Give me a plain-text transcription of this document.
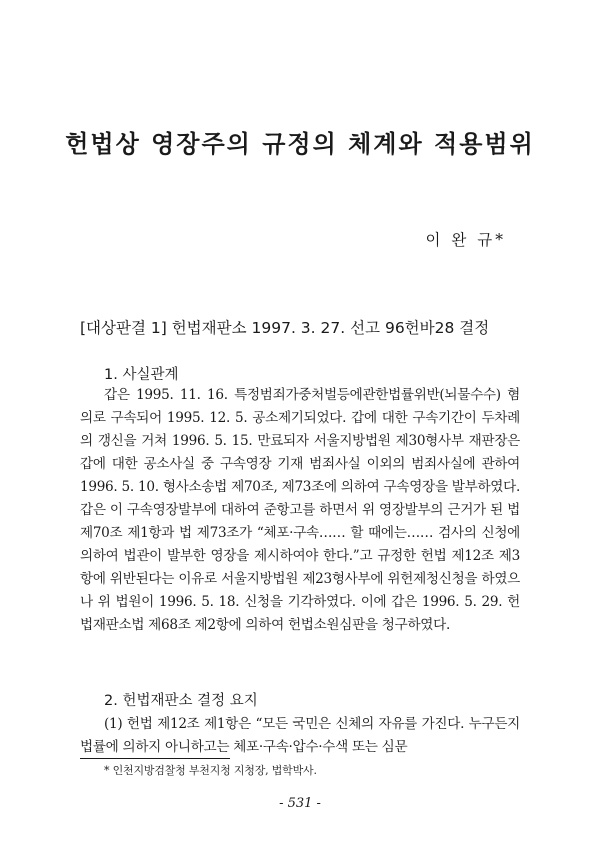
헌법상 영장주의 규정의 체계와 적용범위
이 완 규*
[대상판결 1] 헌법재판소 1997. 3. 27. 선고 96헌바28 결정
1. 사실관계

갑은 1995. 11. 16. 특정범죄가중처벌등에관한법률위반(뇌물수수) 혐의로 구속되어 1995. 12. 5. 공소제기되었다. 갑에 대한 구속기간이 두차례의 갱신을 거쳐 1996. 5. 15. 만료되자 서울지방법원 제30형사부 재판장은 갑에 대한 공소사실 중 구속영장 기재 범죄사실 이외의 범죄사실에 관하여 1996. 5. 10. 형사소송법 제70조, 제73조에 의하여 구속영장을 발부하였다. 갑은 이 구속영장발부에 대하여 준항고를 하면서 위 영장발부의 근거가 된 법 제70조 제1항과 법 제73조가 “체포·구속…… 할 때에는…… 검사의 신청에 의하여 법관이 발부한 영장을 제시하여야 한다.”고 규정한 헌법 제12조 제3항에 위반된다는 이유로 서울지방법원 제23형사부에 위헌제청신청을 하였으나 위 법원이 1996. 5. 18. 신청을 기각하였다. 이에 갑은 1996. 5. 29. 헌법재판소법 제68조 제2항에 의하여 헌법소원심판을 청구하였다.

2. 헌법재판소 결정 요지

(1) 헌법 제12조 제1항은 “모든 국민은 신체의 자유를 가진다. 누구든지 법률에 의하지 아니하고는 체포·구속·압수·수색 또는 심문

* 인천지방검찰청 부천지청 지청장, 법학박사.
- 531 -
